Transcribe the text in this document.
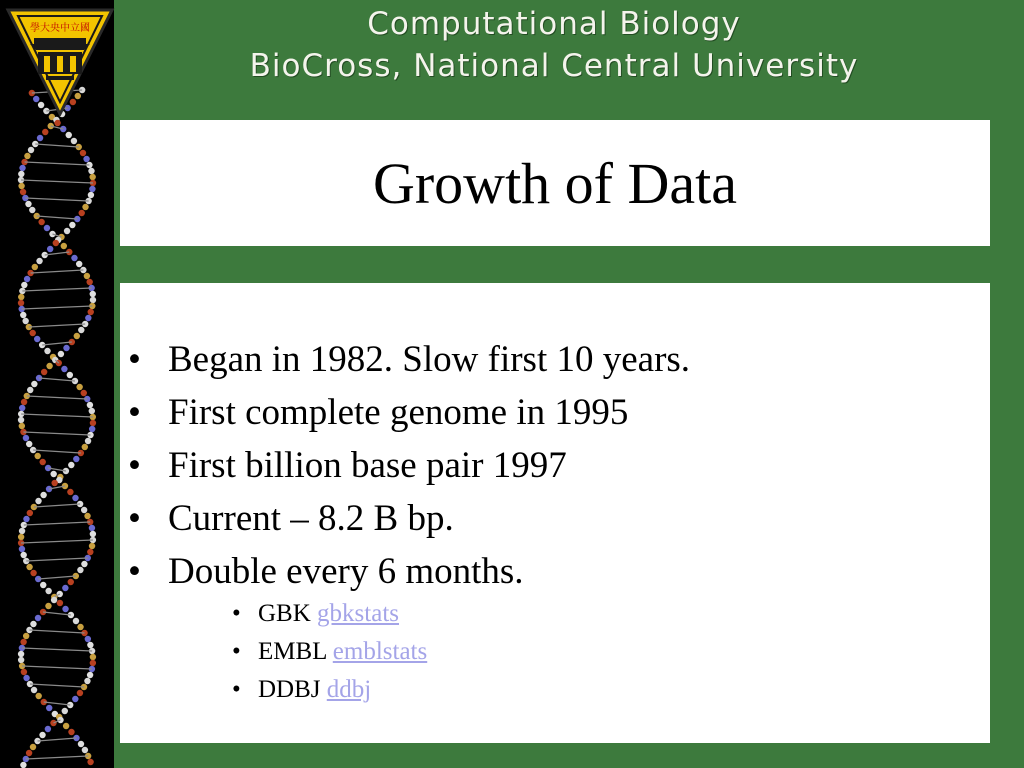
學大央中立國	Computational Biology
BioCross, National Central University
Growth of Data
• Began in 1982. Slow first 10 years.
• First complete genome in 1995
• First billion base pair 1997
• Current – 8.2 B bp.
• Double every 6 months.
• GBK gbkstats
• EMBL emblstats
• DDBJ ddbj
